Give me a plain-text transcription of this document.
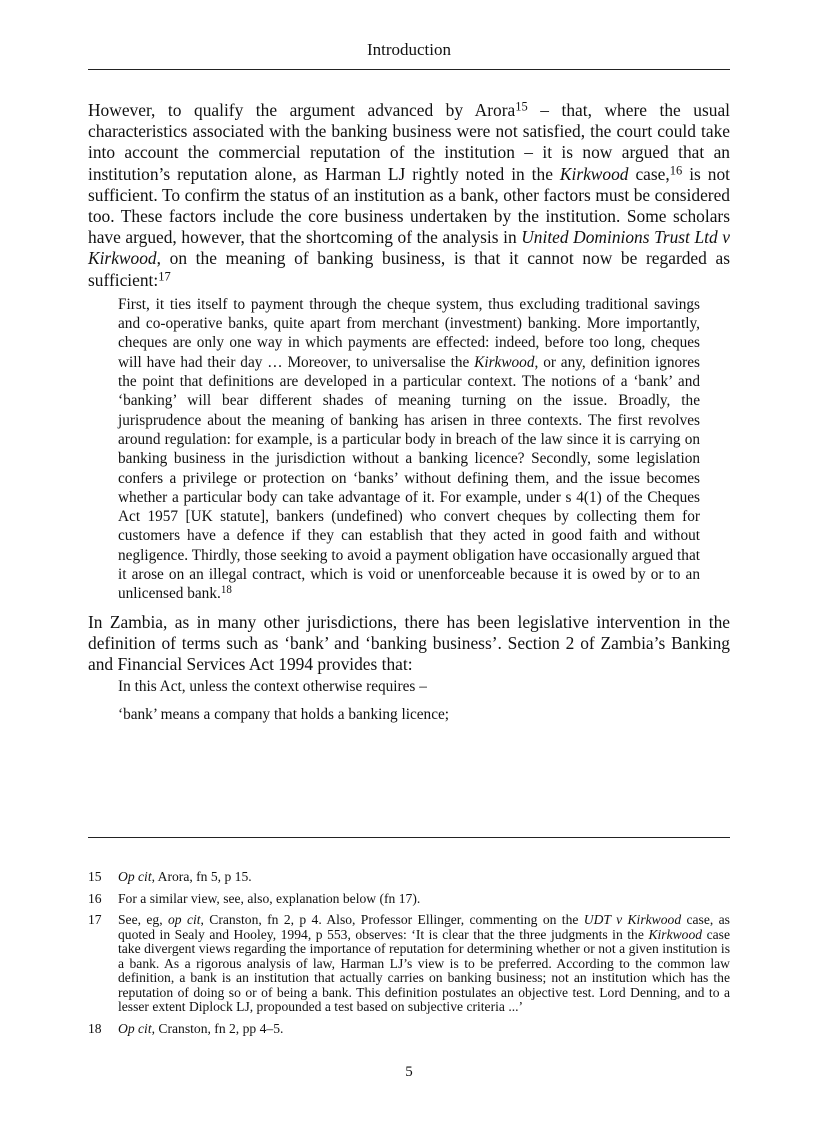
Introduction

However, to qualify the argument advanced by Arora$^{15}$ – that, where the usual characteristics associated with the banking business were not satisfied, the court could take into account the commercial reputation of the institution – it is now argued that an institution’s reputation alone, as Harman LJ rightly noted in the Kirkwood case,$^{16}$ is not sufficient. To confirm the status of an institution as a bank, other factors must be considered too. These factors include the core business undertaken by the institution. Some scholars have argued, however, that the shortcoming of the analysis in United Dominions Trust Ltd v Kirkwood, on the meaning of banking business, is that it cannot now be regarded as sufficient:$^{17}$

First, it ties itself to payment through the cheque system, thus excluding traditional savings and co-operative banks, quite apart from merchant (investment) banking. More importantly, cheques are only one way in which payments are effected: indeed, before too long, cheques will have had their day … Moreover, to universalise the Kirkwood, or any, definition ignores the point that definitions are developed in a particular context. The notions of a ‘bank’ and ‘banking’ will bear different shades of meaning turning on the issue. Broadly, the jurisprudence about the meaning of banking has arisen in three contexts. The first revolves around regulation: for example, is a particular body in breach of the law since it is carrying on banking business in the jurisdiction without a banking licence? Secondly, some legislation confers a privilege or protection on ‘banks’ without defining them, and the issue becomes whether a particular body can take advantage of it. For example, under s 4(1) of the Cheques Act 1957 [UK statute], bankers (undefined) who convert cheques by collecting them for customers have a defence if they can establish that they acted in good faith and without negligence. Thirdly, those seeking to avoid a payment obligation have occasionally argued that it arose on an illegal contract, which is void or unenforceable because it is owed by or to an unlicensed bank.$^{18}$

In Zambia, as in many other jurisdictions, there has been legislative intervention in the definition of terms such as ‘bank’ and ‘banking business’. Section 2 of Zambia’s Banking and Financial Services Act 1994 provides that:

In this Act, unless the context otherwise requires –

‘bank’ means a company that holds a banking licence;

15	Op cit, Arora, fn 5, p 15.
16	For a similar view, see, also, explanation below (fn 17).
17	See, eg, op cit, Cranston, fn 2, p 4. Also, Professor Ellinger, commenting on the UDT v Kirkwood case, as quoted in Sealy and Hooley, 1994, p 553, observes: ‘It is clear that the three judgments in the Kirkwood case take divergent views regarding the importance of reputation for determining whether or not a given institution is a bank. As a rigorous analysis of law, Harman LJ’s view is to be preferred. According to the common law definition, a bank is an institution that actually carries on banking business; not an institution which has the reputation of doing so or of being a bank. This definition postulates an objective test. Lord Denning, and to a lesser extent Diplock LJ, propounded a test based on subjective criteria ...’
18	Op cit, Cranston, fn 2, pp 4–5.
5
